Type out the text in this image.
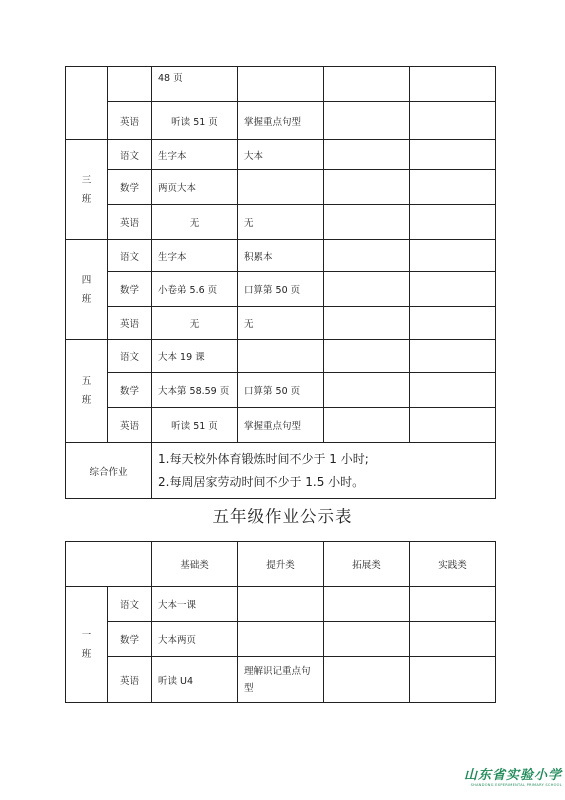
		48 页			
	英语	听读 51 页	掌握重点句型		

三
班	语文	生字本	大本		
	数学	两页大本			
	英语	无	无		

四
班	语文	生字本	积累本		
	数学	小卷弟 5.6 页	口算第 50 页		
	英语	无	无		

五
班	语文	大本 19 课			
	数学	大本第 58.59 页	口算第 50 页		
	英语	听读 51 页	掌握重点句型		
综合作业		1.每天校外体育锻炼时间不少于 1 小时;
2.每周居家劳动时间不少于 1.5 小时。			
五年级作业公示表
		基础类	提升类	拓展类	实践类

一
班	语文	大本一课			
	数学	大本两页			
	英语	听读 U4	理解识记重点句
型		

山东省实验小学
SHANDONG EXPERIMENTAL PRIMARY SCHOOL
